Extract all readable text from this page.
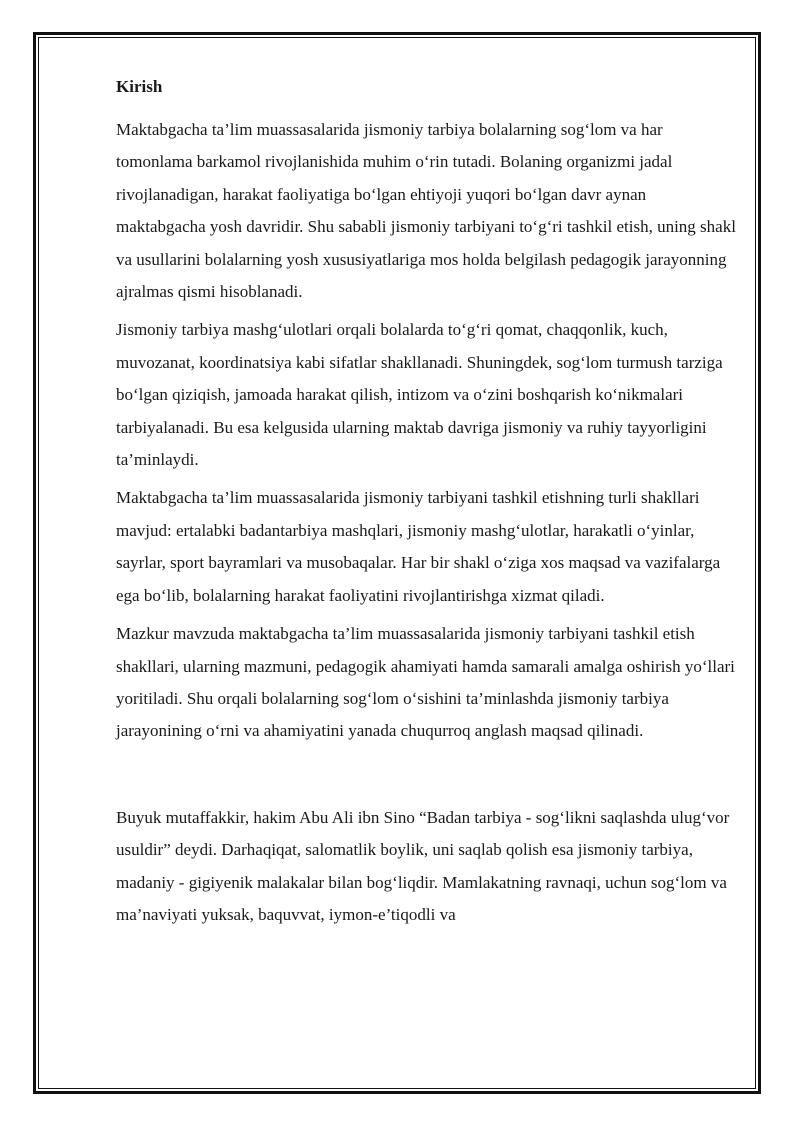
Kirish

Maktabgacha ta’lim muassasalarida jismoniy tarbiya bolalarning sog‘lom va har tomonlama barkamol rivojlanishida muhim o‘rin tutadi. Bolaning organizmi jadal rivojlanadigan, harakat faoliyatiga bo‘lgan ehtiyoji yuqori bo‘lgan davr aynan maktabgacha yosh davridir. Shu sababli jismoniy tarbiyani to‘g‘ri tashkil etish, uning shakl va usullarini bolalarning yosh xususiyatlariga mos holda belgilash pedagogik jarayonning ajralmas qismi hisoblanadi.

Jismoniy tarbiya mashg‘ulotlari orqali bolalarda to‘g‘ri qomat, chaqqonlik, kuch, muvozanat, koordinatsiya kabi sifatlar shakllanadi. Shuningdek, sog‘lom turmush tarziga bo‘lgan qiziqish, jamoada harakat qilish, intizom va o‘zini boshqarish ko‘nikmalari tarbiyalanadi. Bu esa kelgusida ularning maktab davriga jismoniy va ruhiy tayyorligini ta’minlaydi.

Maktabgacha ta’lim muassasalarida jismoniy tarbiyani tashkil etishning turli shakllari mavjud: ertalabki badantarbiya mashqlari, jismoniy mashg‘ulotlar, harakatli o‘yinlar, sayrlar, sport bayramlari va musobaqalar. Har bir shakl o‘ziga xos maqsad va vazifalarga ega bo‘lib, bolalarning harakat faoliyatini rivojlantirishga xizmat qiladi.

Mazkur mavzuda maktabgacha ta’lim muassasalarida jismoniy tarbiyani tashkil etish shakllari, ularning mazmuni, pedagogik ahamiyati hamda samarali amalga oshirish yo‘llari yoritiladi. Shu orqali bolalarning sog‘lom o‘sishini ta’minlashda jismoniy tarbiya jarayonining o‘rni va ahamiyatini yanada chuqurroq anglash maqsad qilinadi.

Buyuk mutaffakkir, hakim Abu Ali ibn Sino “Badan tarbiya - sog‘likni saqlashda ulug‘vor usuldir” deydi. Darhaqiqat, salomatlik boylik, uni saqlab qolish esa jismoniy tarbiya, madaniy - gigiyenik malakalar bilan bog‘liqdir. Mamlakatning ravnaqi, uchun sog‘lom va ma’naviyati yuksak, baquvvat, iymon-e’tiqodli va
